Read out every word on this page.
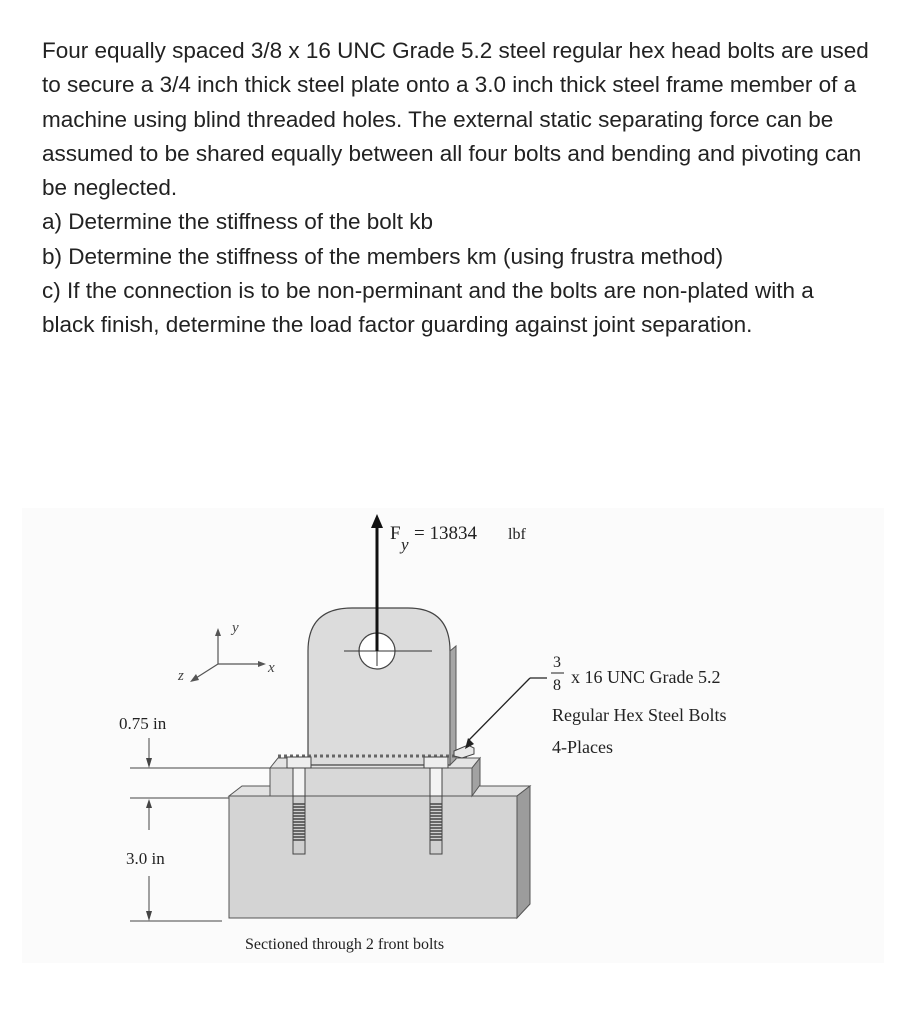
Four equally spaced 3/8 x 16 UNC Grade 5.2 steel regular hex head bolts are used to secure a 3/4 inch thick steel plate onto a 3.0 inch thick steel frame member of a machine using blind threaded holes. The external static separating force can be assumed to be shared equally between all four bolts and bending and pivoting can be neglected.

a) Determine the stiffness of the bolt kb

b) Determine the stiffness of the members km (using frustra method)

c) If the connection is to be non-perminant and the bolts are non-plated with a black finish, determine the load factor guarding against joint separation.

F
y
= 13834 lbf
y
x
z
0.75 in
3.0 in
3
8 x 16 UNC Grade 5.2
Regular Hex Steel Bolts
4-Places
Sectioned through 2 front bolts
